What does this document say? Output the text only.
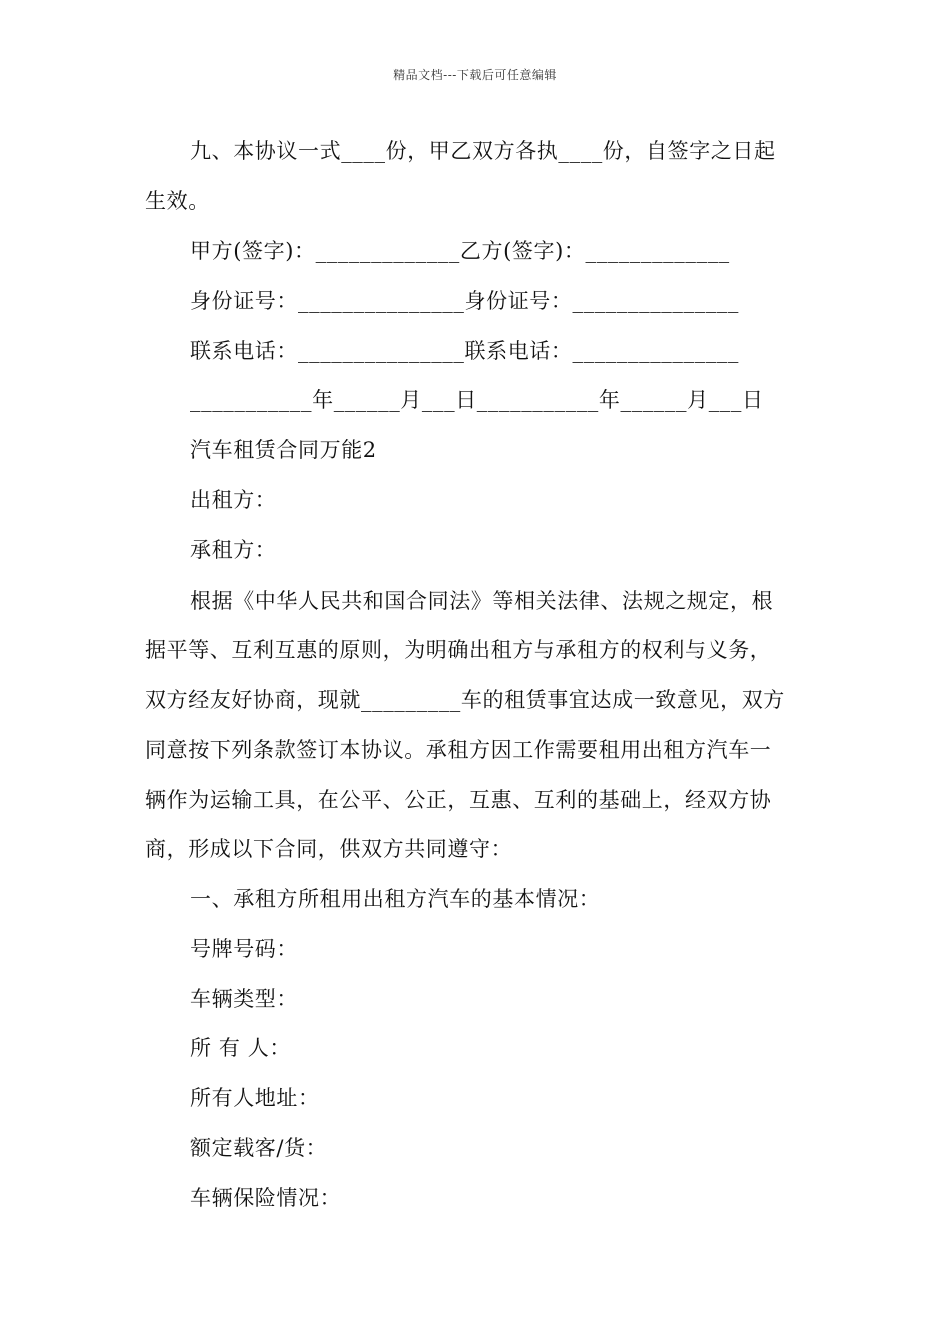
精品文档---下载后可任意编辑
九、本协议一式____份，甲乙双方各执____份，自签字之日起
生效。
甲方(签字)：_____________乙方(签字)：_____________
身份证号：_______________身份证号：_______________
联系电话：_______________联系电话：_______________
___________年______月___日___________年______月___日
汽车租赁合同万能2
出租方：
承租方：
根据《中华人民共和国合同法》等相关法律、法规之规定，根
据平等、互利互惠的原则，为明确出租方与承租方的权利与义务，
双方经友好协商，现就_________车的租赁事宜达成一致意见，双方
同意按下列条款签订本协议。承租方因工作需要租用出租方汽车一
辆作为运输工具，在公平、公正，互惠、互利的基础上，经双方协
商，形成以下合同，供双方共同遵守：
一、承租方所租用出租方汽车的基本情况：
号牌号码：
车辆类型：
所 有 人：
所有人地址：
额定载客/货：
车辆保险情况：
